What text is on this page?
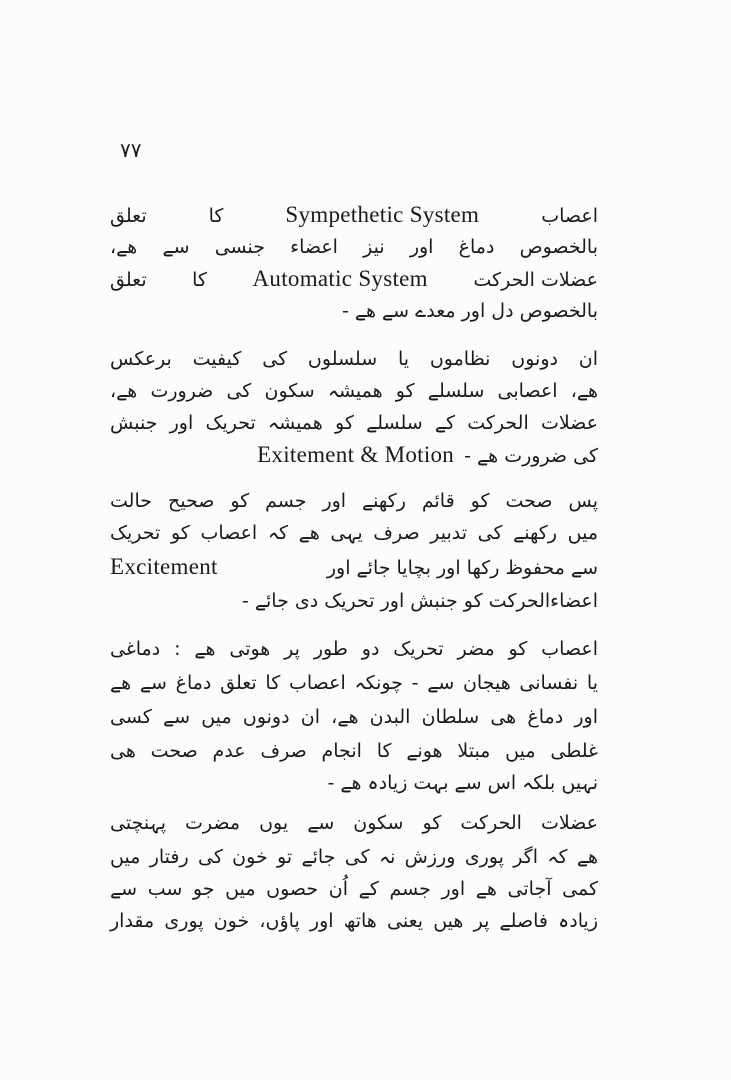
۷۷
اعصاب
Sympethetic System
کا
تعلق
بالخصوص دماغ اور نیز اعضاء جنسی سے ھے،
عضلات الحرکت
Automatic System
کا
تعلق
بالخصوص دل اور معدے سے ھے -
ان دونوں نظاموں یا سلسلوں کی کیفیت برعکس
ھے، اعصابی سلسلے کو ھمیشہ سکون کی ضرورت ھے،
عضلات الحرکت کے سلسلے کو ھمیشہ تحریک اور جنبش
کی ضرورت ھے -
Exitement & Motion
پس صحت کو قائم رکھنے اور جسم کو صحیح حالت
میں رکھنے کی تدبیر صرف یہی ھے کہ اعصاب کو تحریک
سے محفوظ رکھا اور بچایا جائے اور
Excitement
اعضاءالحرکت کو جنبش اور تحریک دی جائے -
اعصاب کو مضر تحریک دو طور پر ھوتی ھے : دماغی
یا نفسانی ھیجان سے - چونکہ اعصاب کا تعلق دماغ سے ھے
اور دماغ ھی سلطان البدن ھے، ان دونوں میں سے کسی
غلطی میں مبتلا ھونے کا انجام صرف عدم صحت ھی
نہیں بلکہ اس سے بہت زیادہ ھے -
عضلات الحرکت کو سکون سے یوں مضرت پہنچتی
ھے کہ اگر پوری ورزش نہ کی جائے تو خون کی رفتار میں
کمی آجاتی ھے اور جسم کے اُن حصوں میں جو سب سے
زیادہ فاصلے پر ھیں یعنی ھاتھ اور پاؤں، خون پوری مقدار
